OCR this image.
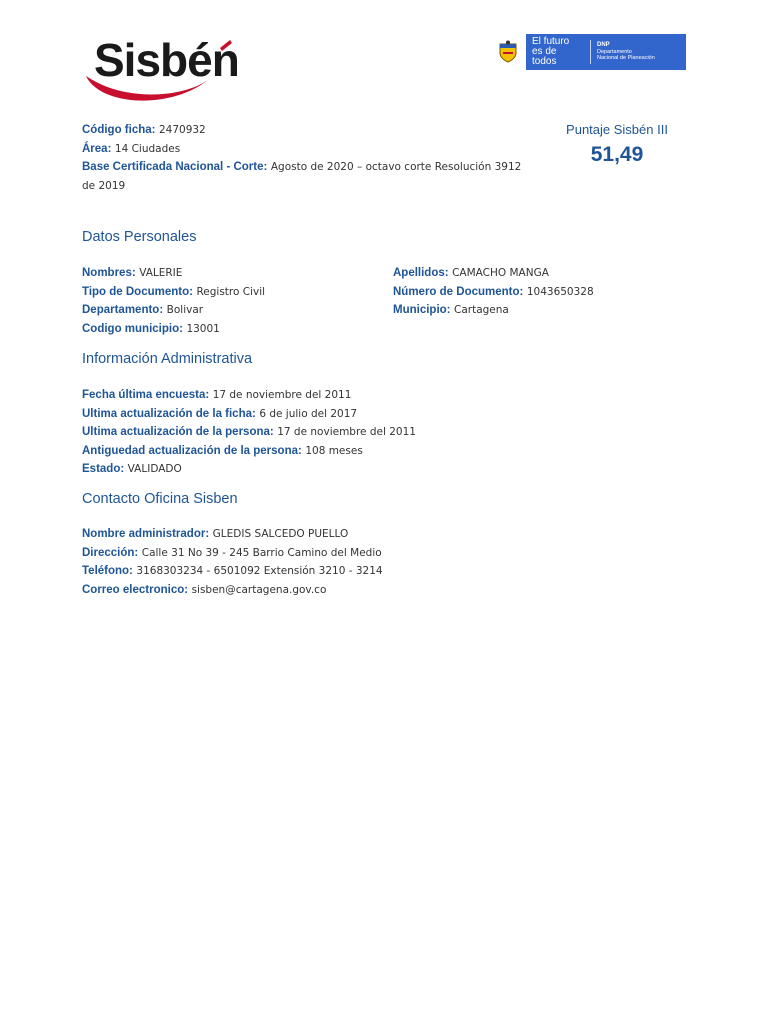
Sisbén	El futuro
es de todos
DNP
Departamento
Nacional de Planeación
Puntaje Sisbén III
51,49
Código ficha: 2470932
Área: 14 Ciudades
Base Certificada Nacional - Corte: Agosto de 2020 – octavo corte Resolución 3912 de 2019
Datos Personales
Nombres: VALERIE
Tipo de Documento: Registro Civil
Departamento: Bolivar
Codigo municipio: 13001
Apellidos: CAMACHO MANGA
Número de Documento: 1043650328
Municipio: Cartagena
Información Administrativa
Fecha última encuesta: 17 de noviembre del 2011
Ultima actualización de la ficha: 6 de julio del 2017
Ultima actualización de la persona: 17 de noviembre del 2011
Antiguedad actualización de la persona: 108 meses
Estado: VALIDADO
Contacto Oficina Sisben
Nombre administrador: GLEDIS SALCEDO PUELLO
Dirección: Calle 31 No 39 - 245 Barrio Camino del Medio
Teléfono: 3168303234 - 6501092 Extensión 3210 - 3214
Correo electronico: sisben@cartagena.gov.co
